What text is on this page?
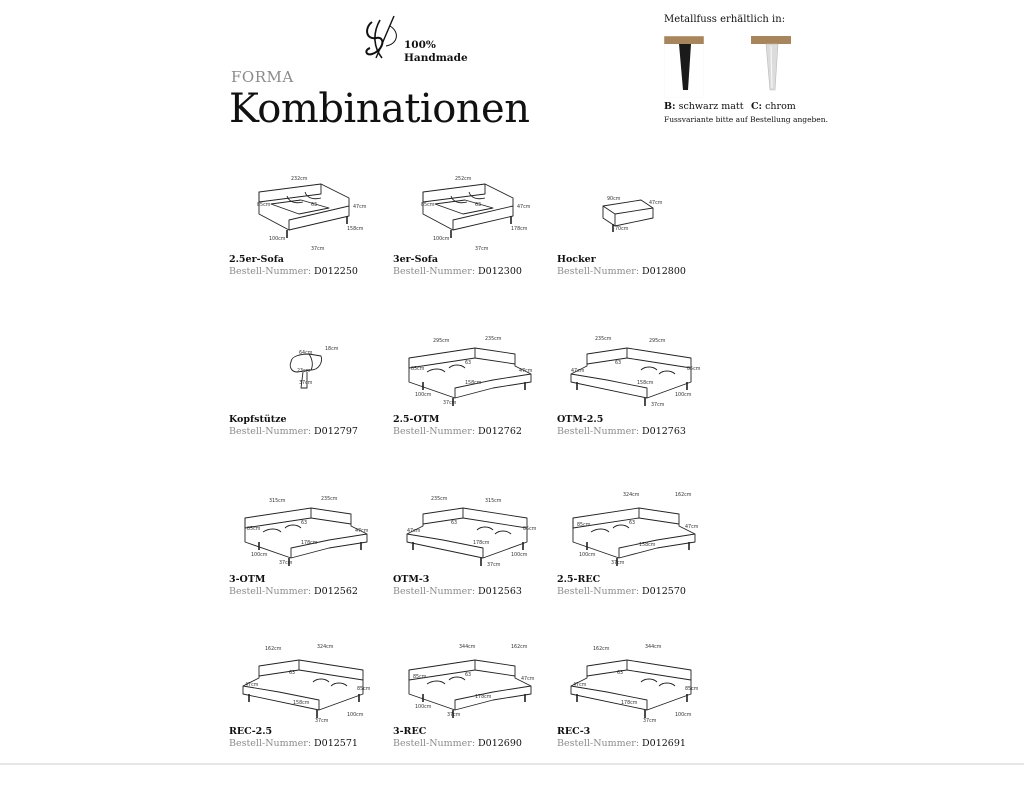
100%
Handmade
FORMA
Kombinationen
Metallfuss erhältlich in:
B: schwarz matt C: chrom
Fussvariante bitte auf Bestellung angeben.
232cm
85cm	63	47cm
158cm
100cm
37cm
2.5er-Sofa
Bestell-Nummer: D012250
252cm
85cm	63	47cm
178cm
100cm
37cm
3er-Sofa
Bestell-Nummer: D012300
90cm
47cm
70cm
Hocker
Bestell-Nummer: D012800
64cm
18cm
23cm
37cm
Kopfstütze
Bestell-Nummer: D012797
295cm	235cm
85cm
63
47cm
158cm
100cm
37cm
2.5-OTM
Bestell-Nummer: D012762
235cm	295cm
47cm
63
85cm
158cm
100cm
37cm
OTM-2.5
Bestell-Nummer: D012763
315cm	235cm
85cm
63
47cm
178cm
100cm
37cm
3-OTM
Bestell-Nummer: D012562
235cm	315cm
47cm
63
85cm
178cm
100cm
37cm
OTM-3
Bestell-Nummer: D012563
324cm	162cm
85cm	63
47cm
158cm
100cm
37cm
2.5-REC
Bestell-Nummer: D012570
162cm	324cm
47cm
63
85cm
158cm
100cm
37cm
REC-2.5
Bestell-Nummer: D012571
344cm	162cm
85cm	63
47cm
178cm
100cm
37cm
3-REC
Bestell-Nummer: D012690
162cm	344cm
47cm
63
85cm
178cm
100cm
37cm
REC-3
Bestell-Nummer: D012691
